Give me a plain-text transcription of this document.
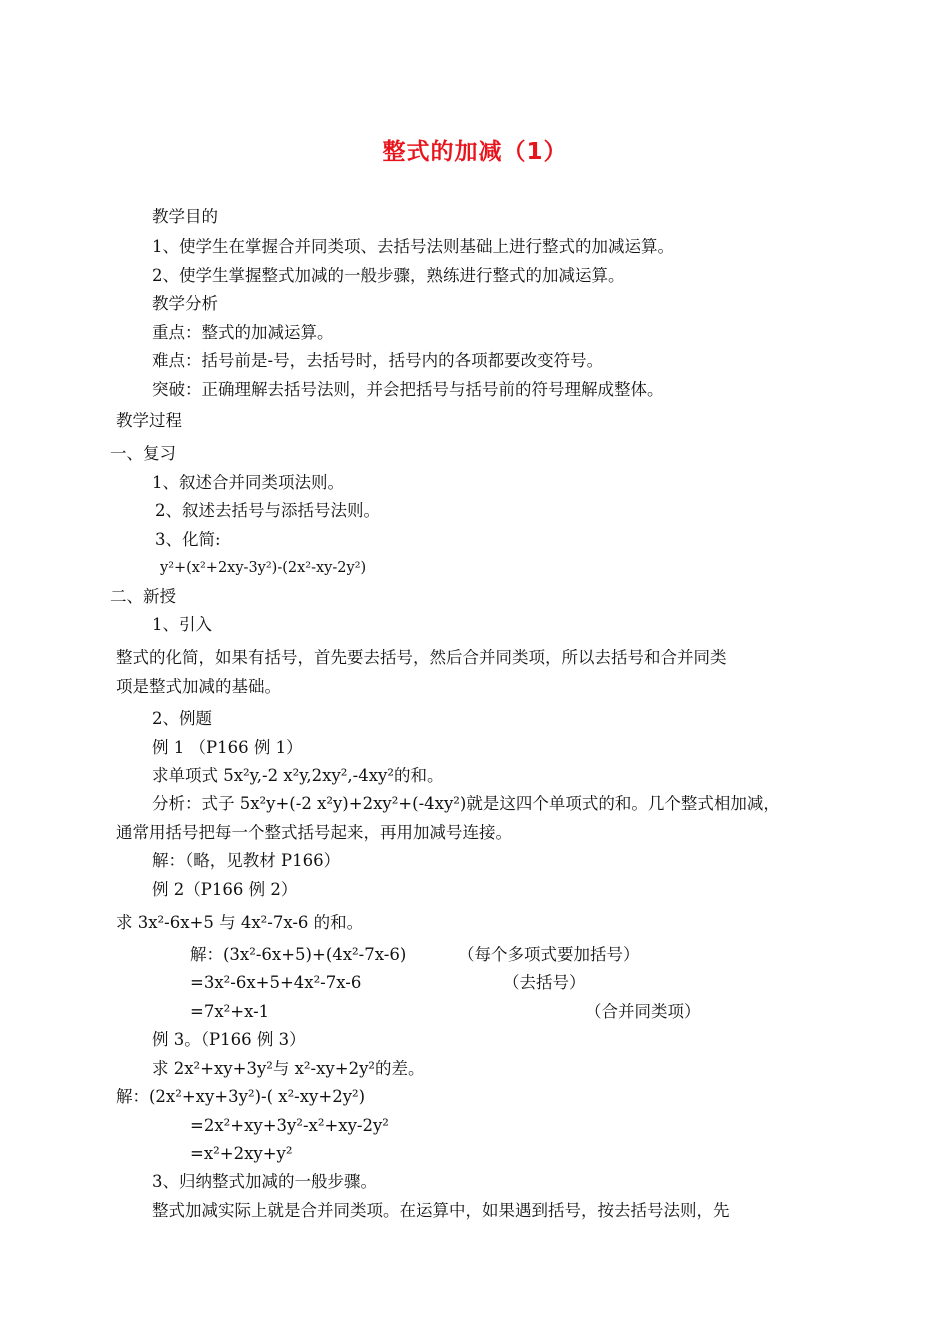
整式的加减（1）
教学目的
1、使学生在掌握合并同类项、去括号法则基础上进行整式的加减运算。
2、使学生掌握整式加减的一般步骤，熟练进行整式的加减运算。
教学分析
重点：整式的加减运算。
难点：括号前是-号，去括号时，括号内的各项都要改变符号。
突破：正确理解去括号法则，并会把括号与括号前的符号理解成整体。
教学过程
一、复习
1、叙述合并同类项法则。
2、叙述去括号与添括号法则。
3、化简:
y²+(x²+2xy-3y²)-(2x²-xy-2y²)
二、新授
1、引入
整式的化简，如果有括号，首先要去括号，然后合并同类项，所以去括号和合并同类
项是整式加减的基础。
2、例题
例 1 （P166 例 1）
求单项式 5x²y,-2 x²y,2xy²,-4xy²的和。
分析：式子 5x²y+(-2 x²y)+2xy²+(-4xy²)就是这四个单项式的和。几个整式相加减，
通常用括号把每一个整式括号起来，再用加减号连接。
解：（略，见教材 P166）
例 2（P166 例 2）
求 3x²-6x+5 与 4x²-7x-6 的和。
解：(3x²-6x+5)+(4x²-7x-6)	（每个多项式要加括号）
=3x²-6x+5+4x²-7x-6	（去括号）
=7x²+x-1	（合并同类项）
例 3。（P166 例 3）
求 2x²+xy+3y²与 x²-xy+2y²的差。
解：(2x²+xy+3y²)-( x²-xy+2y²)
=2x²+xy+3y²-x²+xy-2y²
=x²+2xy+y²
3、归纳整式加减的一般步骤。
整式加减实际上就是合并同类项。在运算中，如果遇到括号，按去括号法则，先
